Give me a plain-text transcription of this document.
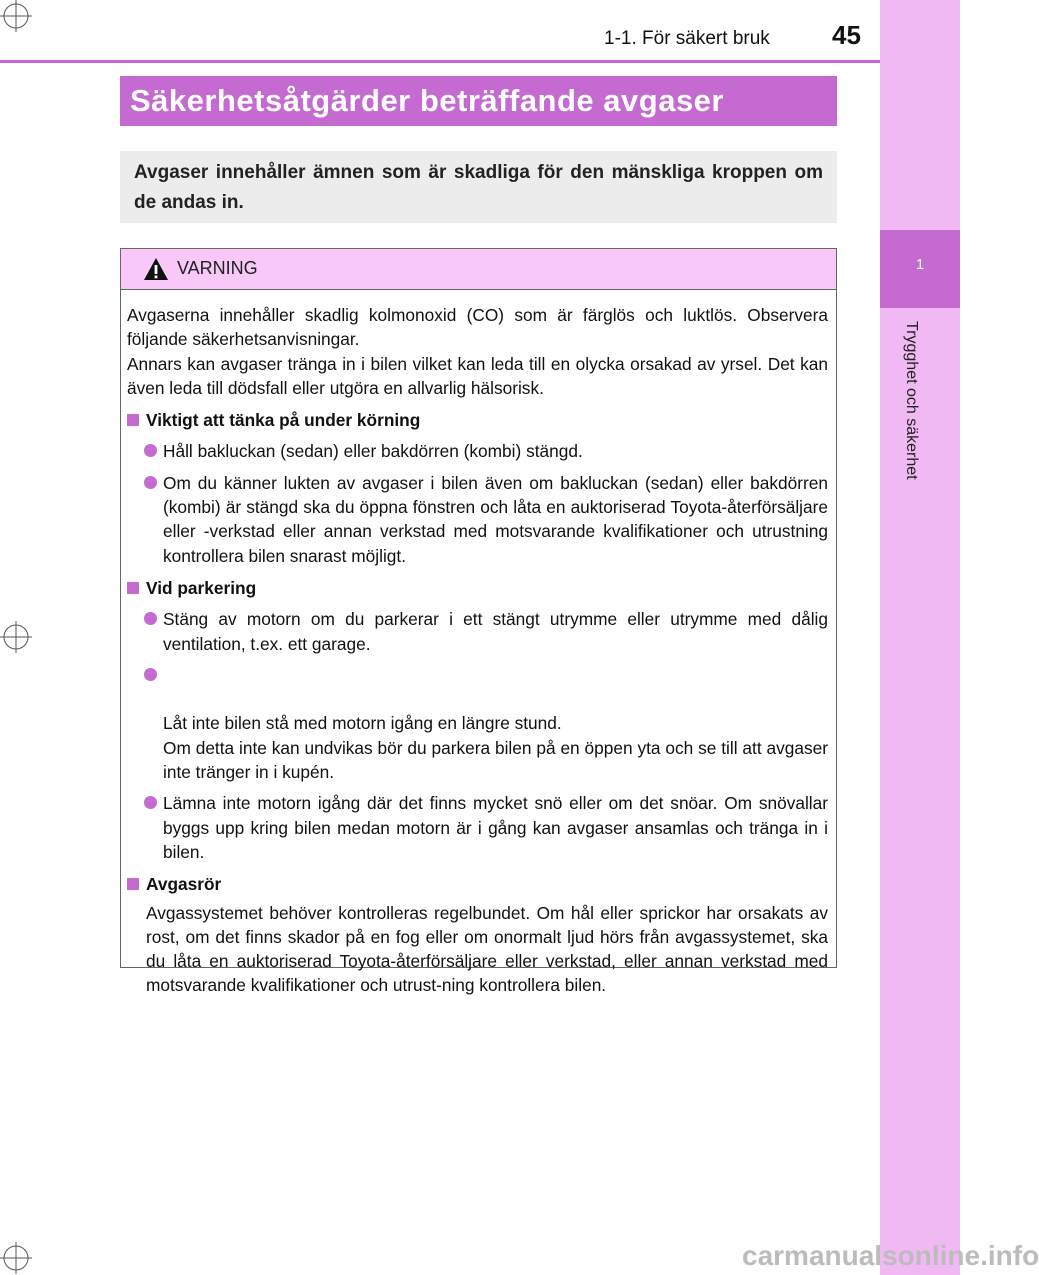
1
Trygghet och säkerhet
1-1. För säkert bruk 45
Säkerhetsåtgärder beträffande avgaser
Avgaser innehåller ämnen som är skadliga för den mänskliga kroppen om de andas in.
VARNING

Avgaserna innehåller skadlig kolmonoxid (CO) som är färglös och luktlös. Observera följande säkerhetsanvisningar.

Annars kan avgaser tränga in i bilen vilket kan leda till en olycka orsakad av yrsel. Det kan även leda till dödsfall eller utgöra en allvarlig hälsorisk.

Viktigt att tänka på under körning
Håll bakluckan (sedan) eller bakdörren (kombi) stängd.
Om du känner lukten av avgaser i bilen även om bakluckan (sedan) eller bakdörren (kombi) är stängd ska du öppna fönstren och låta en auktoriserad Toyota-återförsäljare eller -verkstad eller annan verkstad med motsvarande kvalifikationer och utrustning kontrollera bilen snarast möjligt.
Vid parkering
Stäng av motorn om du parkerar i ett stängt utrymme eller utrymme med dålig ventilation, t.ex. ett garage.

Låt inte bilen stå med motorn igång en längre stund.
Om detta inte kan undvikas bör du parkera bilen på en öppen yta och se till att avgaser inte tränger in i kupén.

Lämna inte motorn igång där det finns mycket snö eller om det snöar. Om snövallar byggs upp kring bilen medan motorn är i gång kan avgaser ansamlas och tränga in i bilen.
Avgasrör
Avgassystemet behöver kontrolleras regelbundet. Om hål eller sprickor har orsakats av rost, om det finns skador på en fog eller om onormalt ljud hörs från avgassystemet, ska du låta en auktoriserad Toyota-återförsäljare eller verkstad, eller annan verkstad med motsvarande kvalifikationer och utrust-ning kontrollera bilen.
carmanualsonline.info
